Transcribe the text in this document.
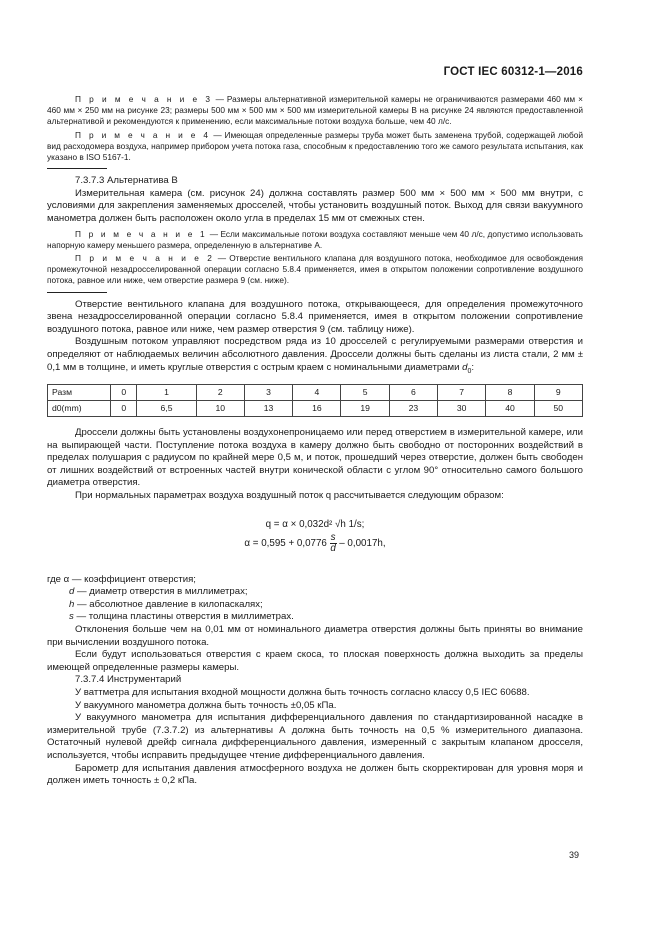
ГОСТ IEC 60312-1—2016

П р и м е ч а н и е 3 — Размеры альтернативной измерительной камеры не ограничиваются размерами 460 мм × 460 мм × 250 мм на рисунке 23; размеры 500 мм × 500 мм × 500 мм измерительной камеры В на рисунке 24 являются предоставленной альтернативой и рекомендуются к применению, если максимальные потоки воздуха больше, чем 40 л/с.

П р и м е ч а н и е 4 — Имеющая определенные размеры труба может быть заменена трубой, содержащей любой вид расходомера воздуха, например прибором учета потока газа, способным к предоставлению того же самого результата испытания, как указано в ISO 5167-1.

7.3.7.3 Альтернатива В

Измерительная камера (см. рисунок 24) должна составлять размер 500 мм × 500 мм × 500 мм внутри, с условиями для закрепления заменяемых дросселей, чтобы установить воздушный поток. Выход для связи вакуумного манометра должен быть расположен около угла в пределах 15 мм от смежных стен.

П р и м е ч а н и е 1 — Если максимальные потоки воздуха составляют меньше чем 40 л/с, допустимо использовать напорную камеру меньшего размера, определенную в альтернативе А.

П р и м е ч а н и е 2 — Отверстие вентильного клапана для воздушного потока, необходимое для освобождения промежуточной незадросселированной операции согласно 5.8.4 применяется, имея в открытом положении сопротивление воздушного потока, равное или ниже, чем отверстие размера 9 (см. ниже).

Отверстие вентильного клапана для воздушного потока, открывающееся, для определения промежуточного звена незадросселированной операции согласно 5.8.4 применяется, имея в открытом положении сопротивление воздушного потока, равное или ниже, чем размер отверстия 9 (см. таблицу ниже).

Воздушным потоком управляют посредством ряда из 10 дросселей с регулируемыми размерами отверстия и определяют от наблюдаемых величин абсолютного давления. Дроссели должны быть сделаны из листа стали, 2 мм ± 0,1 мм в толщине, и иметь круглые отверстия с острым краем с номинальными диаметрами $d_0$:

Разм	0	1	2	3	4	5	6	7	8	9
d0(mm)	0	6,5	10	13	16	19	23	30	40	50

Дроссели должны быть установлены воздухонепроницаемо или перед отверстием в измерительной камере, или на выпирающей части. Поступление потока воздуха в камеру должно быть свободно от посторонних воздействий в пределах полушария с радиусом по крайней мере 0,5 м, и поток, прошедший через отверстие, должен быть свободен от лишних воздействий от встроенных частей внутри конической области с углом 90° относительно самого большого диаметра отверстия.

При нормальных параметрах воздуха воздушный поток q рассчитывается следующим образом:

q = α × 0,032d² √h 1/s;
$\alpha = 0,595 + 0,0776 \frac{s}{d} - 0,0017h$,
где α — коэффициент отверстия;
d — диаметр отверстия в миллиметрах;
h — абсолютное давление в килопаскалях;
s — толщина пластины отверстия в миллиметрах.

Отклонения больше чем на 0,01 мм от номинального диаметра отверстия должны быть приняты во внимание при вычислении воздушного потока.

Если будут использоваться отверстия с краем скоса, то плоская поверхность должна выходить за пределы имеющей определенные размеры камеры.

7.3.7.4 Инструментарий

У ваттметра для испытания входной мощности должна быть точность согласно классу 0,5 IEC 60688.

У вакуумного манометра должна быть точность ±0,05 кПа.

У вакуумного манометра для испытания дифференциального давления по стандартизированной насадке в измерительной трубе (7.3.7.2) из альтернативы А должна быть точность на 0,5 % измерительного диапазона. Остаточный нулевой дрейф сигнала дифференциального давления, измеренный с закрытым клапаном дросселя, используется, чтобы исправить предыдущее чтение дифференциального давления.

Барометр для испытания давления атмосферного воздуха не должен быть скорректирован для уровня моря и должен иметь точность ± 0,2 кПа.

39
